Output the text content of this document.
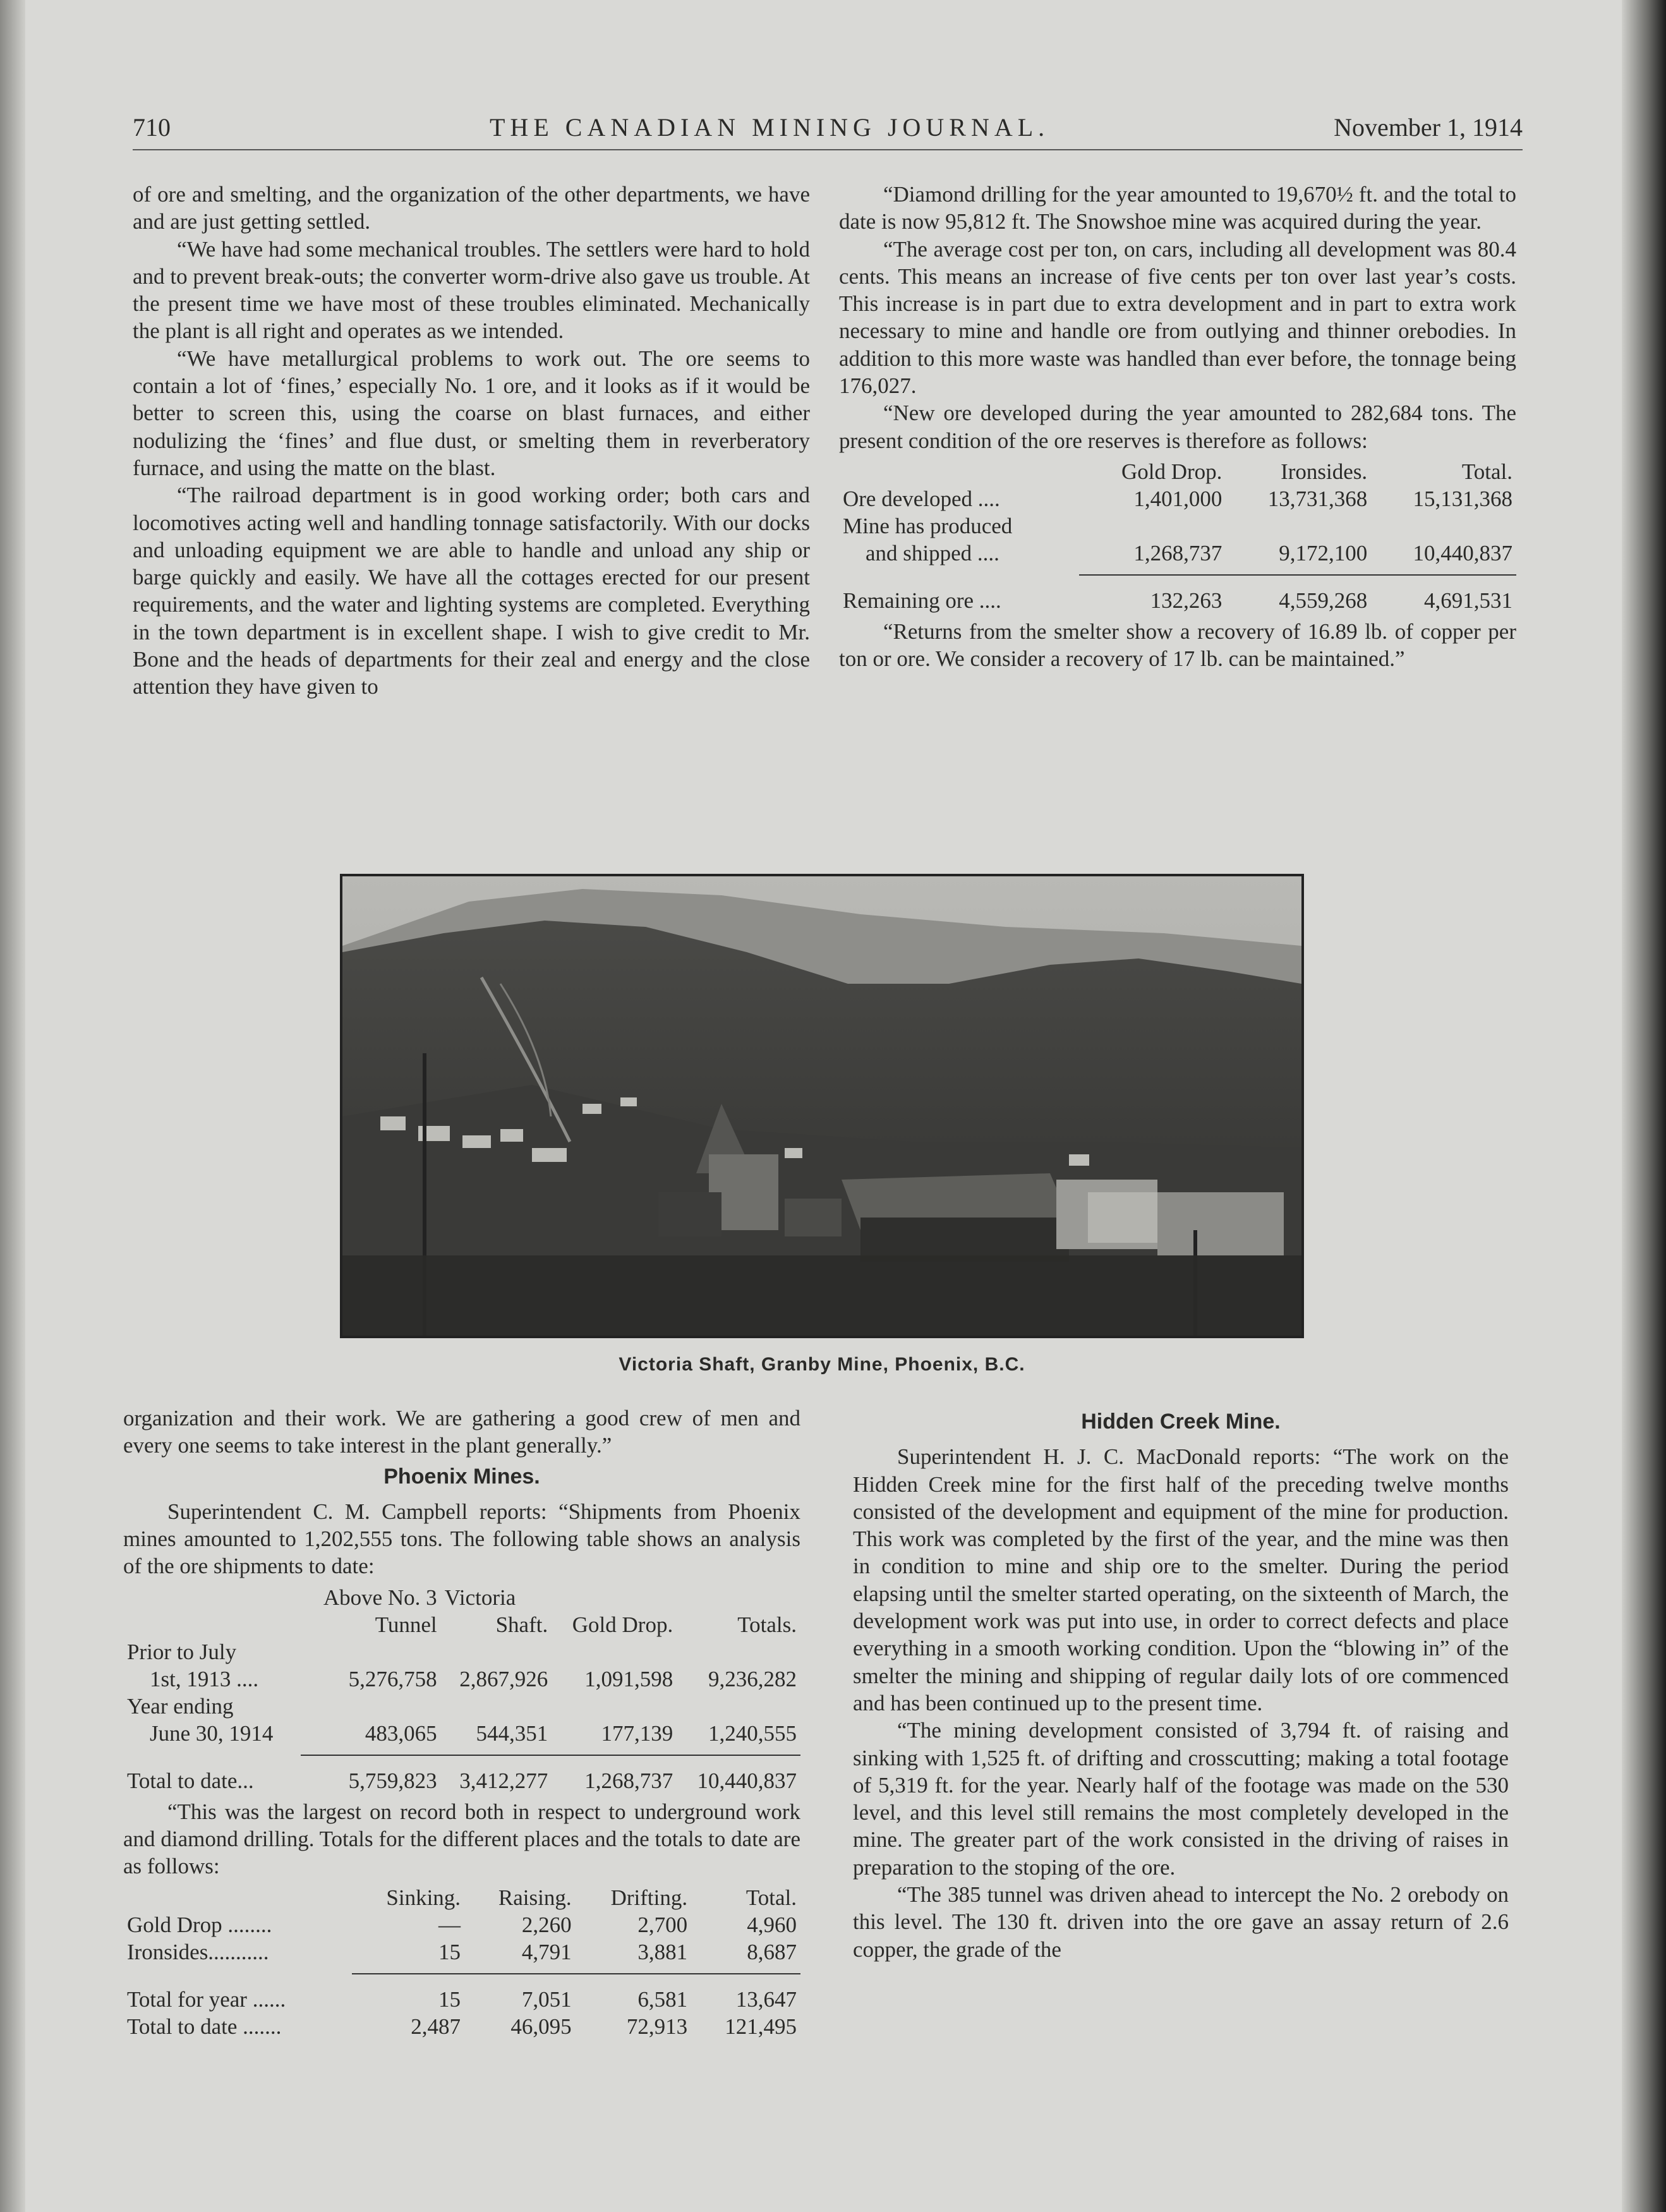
710	THE CANADIAN MINING JOURNAL.	November 1, 1914

of ore and smelting, and the organization of the other departments, we have and are just getting settled.

“We have had some mechanical troubles. The settlers were hard to hold and to prevent break-outs; the converter worm-drive also gave us trouble. At the present time we have most of these troubles eliminated. Mechanically the plant is all right and operates as we intended.

“We have metallurgical problems to work out. The ore seems to contain a lot of ‘fines,’ especially No. 1 ore, and it looks as if it would be better to screen this, using the coarse on blast furnaces, and either nodulizing the ‘fines’ and flue dust, or smelting them in reverberatory furnace, and using the matte on the blast.

“The railroad department is in good working order; both cars and locomotives acting well and handling tonnage satisfactorily. With our docks and unloading equipment we are able to handle and unload any ship or barge quickly and easily. We have all the cottages erected for our present requirements, and the water and lighting systems are completed. Everything in the town department is in excellent shape. I wish to give credit to Mr. Bone and the heads of departments for their zeal and energy and the close attention they have given to

“Diamond drilling for the year amounted to 19,670½ ft. and the total to date is now 95,812 ft. The Snowshoe mine was acquired during the year.

“The average cost per ton, on cars, including all development was 80.4 cents. This means an increase of five cents per ton over last year’s costs. This increase is in part due to extra development and in part to extra work necessary to mine and handle ore from outlying and thinner orebodies. In addition to this more waste was handled than ever before, the tonnage being 176,027.

“New ore developed during the year amounted to 282,684 tons. The present condition of the ore reserves is therefore as follows:

	Gold Drop.	Ironsides.	Total.
Ore developed ....	1,401,000	13,731,368	15,131,368
Mine has produced			
and shipped ....	1,268,737	9,172,100	10,440,837

Remaining ore ....	132,263	4,559,268	4,691,531

“Returns from the smelter show a recovery of 16.89 lb. of copper per ton or ore. We consider a recovery of 17 lb. can be maintained.”

Victoria Shaft, Granby Mine, Phoenix, B.C.

organization and their work. We are gathering a good crew of men and every one seems to take interest in the plant generally.”

Phoenix Mines.

Superintendent C. M. Campbell reports: “Shipments from Phoenix mines amounted to 1,202,555 tons. The following table shows an analysis of the ore shipments to date:

	Above No. 3	Victoria		
	Tunnel	Shaft.	Gold Drop.	Totals.
Prior to July				
1st, 1913 ....	5,276,758	2,867,926	1,091,598	9,236,282
Year ending				
June 30, 1914	483,065	544,351	177,139	1,240,555

Total to date...	5,759,823	3,412,277	1,268,737	10,440,837

“This was the largest on record both in respect to underground work and diamond drilling. Totals for the different places and the totals to date are as follows:

	Sinking.	Raising.	Drifting.	Total.
Gold Drop ........	—	2,260	2,700	4,960
Ironsides...........	15	4,791	3,881	8,687

Total for year ......	15	7,051	6,581	13,647
Total to date .......	2,487	46,095	72,913	121,495
Hidden Creek Mine.

Superintendent H. J. C. MacDonald reports: “The work on the Hidden Creek mine for the first half of the preceding twelve months consisted of the development and equipment of the mine for production. This work was completed by the first of the year, and the mine was then in condition to mine and ship ore to the smelter. During the period elapsing until the smelter started operating, on the sixteenth of March, the development work was put into use, in order to correct defects and place everything in a smooth working condition. Upon the “blowing in” of the smelter the mining and shipping of regular daily lots of ore commenced and has been continued up to the present time.

“The mining development consisted of 3,794 ft. of raising and sinking with 1,525 ft. of drifting and crosscutting; making a total footage of 5,319 ft. for the year. Nearly half of the footage was made on the 530 level, and this level still remains the most completely developed in the mine. The greater part of the work consisted in the driving of raises in preparation to the stoping of the ore.

“The 385 tunnel was driven ahead to intercept the No. 2 orebody on this level. The 130 ft. driven into the ore gave an assay return of 2.6 copper, the grade of the
